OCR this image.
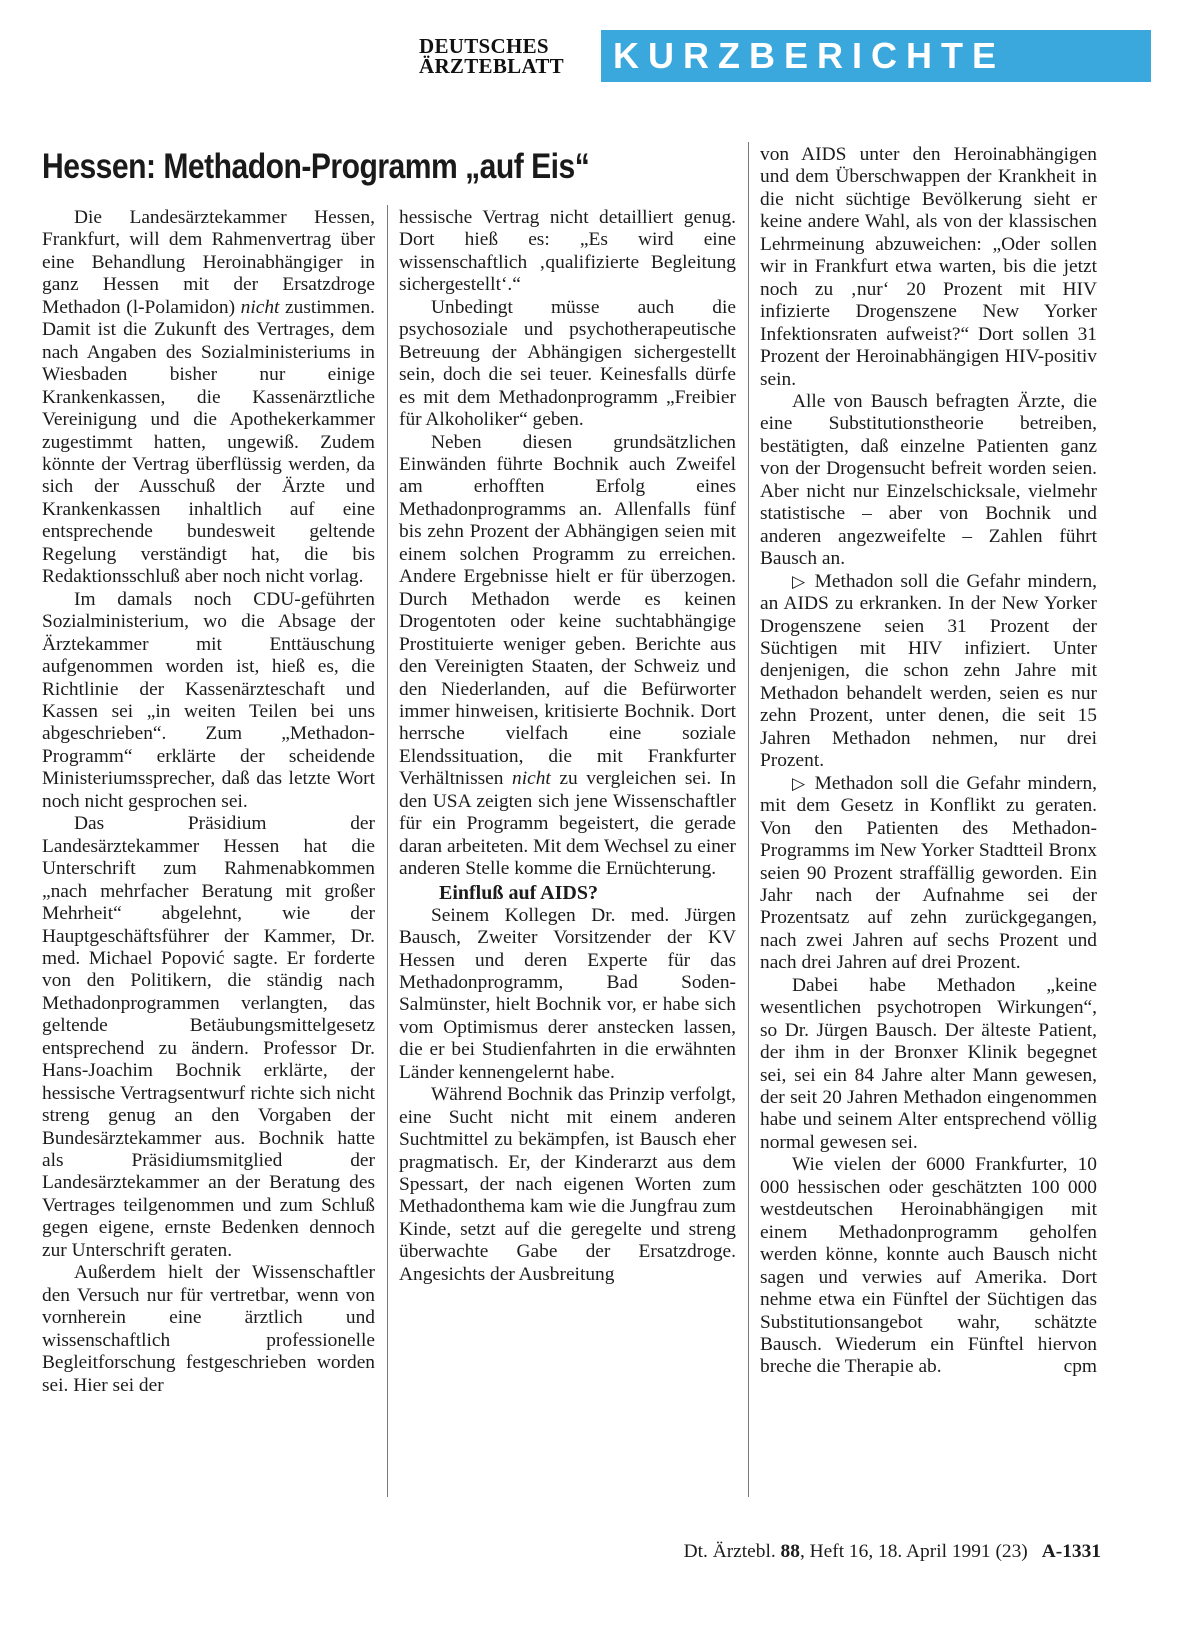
DEUTSCHES
ÄRZTEBLATT	KURZBERICHTE
Hessen: Methadon-Programm „auf Eis“

Die Landesärztekammer Hessen, Frankfurt, will dem Rahmenvertrag über eine Behandlung Heroinabhängiger in ganz Hessen mit der Ersatzdroge Methadon (l-Polamidon) nicht zustimmen. Damit ist die Zukunft des Vertrages, dem nach Angaben des Sozialministeriums in Wiesbaden bisher nur einige Krankenkassen, die Kassenärztliche Vereinigung und die Apothekerkammer zugestimmt hatten, ungewiß. Zudem könnte der Vertrag überflüssig werden, da sich der Ausschuß der Ärzte und Krankenkassen inhaltlich auf eine entsprechende bundesweit geltende Regelung verständigt hat, die bis Redaktionsschluß aber noch nicht vorlag.

Im damals noch CDU-geführten Sozialministerium, wo die Absage der Ärztekammer mit Enttäuschung aufgenommen worden ist, hieß es, die Richtlinie der Kassenärzteschaft und Kassen sei „in weiten Teilen bei uns abgeschrieben“. Zum „Methadon-Programm“ erklärte der scheidende Ministeriumssprecher, daß das letzte Wort noch nicht gesprochen sei.

Das Präsidium der Landesärztekammer Hessen hat die Unterschrift zum Rahmenabkommen „nach mehrfacher Beratung mit großer Mehrheit“ abgelehnt, wie der Hauptgeschäftsführer der Kammer, Dr. med. Michael Popović sagte. Er forderte von den Politikern, die ständig nach Methadonprogrammen verlangten, das geltende Betäubungsmittelgesetz entsprechend zu ändern. Professor Dr. Hans-Joachim Bochnik erklärte, der hessische Vertragsentwurf richte sich nicht streng genug an den Vorgaben der Bundesärztekammer aus. Bochnik hatte als Präsidiumsmitglied der Landesärztekammer an der Beratung des Vertrages teilgenommen und zum Schluß gegen eigene, ernste Bedenken dennoch zur Unterschrift geraten.

Außerdem hielt der Wissenschaftler den Versuch nur für vertretbar, wenn von vornherein eine ärztlich und wissenschaftlich professionelle Begleitforschung festgeschrieben worden sei. Hier sei der

hessische Vertrag nicht detailliert genug. Dort hieß es: „Es wird eine wissenschaftlich ‚qualifizierte Begleitung sichergestellt‘.“

Unbedingt müsse auch die psychosoziale und psychotherapeutische Betreuung der Abhängigen sichergestellt sein, doch die sei teuer. Keinesfalls dürfe es mit dem Methadonprogramm „Freibier für Alkoholiker“ geben.

Neben diesen grundsätzlichen Einwänden führte Bochnik auch Zweifel am erhofften Erfolg eines Methadonprogramms an. Allenfalls fünf bis zehn Prozent der Abhängigen seien mit einem solchen Programm zu erreichen. Andere Ergebnisse hielt er für überzogen. Durch Methadon werde es keinen Drogentoten oder keine suchtabhängige Prostituierte weniger geben. Berichte aus den Vereinigten Staaten, der Schweiz und den Niederlanden, auf die Befürworter immer hinweisen, kritisierte Bochnik. Dort herrsche vielfach eine soziale Elendssituation, die mit Frankfurter Verhältnissen nicht zu vergleichen sei. In den USA zeigten sich jene Wissenschaftler für ein Programm begeistert, die gerade daran arbeiteten. Mit dem Wechsel zu einer anderen Stelle komme die Ernüchterung.

Einfluß auf AIDS?

Seinem Kollegen Dr. med. Jürgen Bausch, Zweiter Vorsitzender der KV Hessen und deren Experte für das Methadonprogramm, Bad Soden-Salmünster, hielt Bochnik vor, er habe sich vom Optimismus derer anstecken lassen, die er bei Studienfahrten in die erwähnten Länder kennengelernt habe.

Während Bochnik das Prinzip verfolgt, eine Sucht nicht mit einem anderen Suchtmittel zu bekämpfen, ist Bausch eher pragmatisch. Er, der Kinderarzt aus dem Spessart, der nach eigenen Worten zum Methadonthema kam wie die Jungfrau zum Kinde, setzt auf die geregelte und streng überwachte Gabe der Ersatzdroge. Angesichts der Ausbreitung

von AIDS unter den Heroinabhängigen und dem Überschwappen der Krankheit in die nicht süchtige Bevölkerung sieht er keine andere Wahl, als von der klassischen Lehrmeinung abzuweichen: „Oder sollen wir in Frankfurt etwa warten, bis die jetzt noch zu ‚nur‘ 20 Prozent mit HIV infizierte Drogenszene New Yorker Infektionsraten aufweist?“ Dort sollen 31 Prozent der Heroinabhängigen HIV-positiv sein.

Alle von Bausch befragten Ärzte, die eine Substitutionstheorie betreiben, bestätigten, daß einzelne Patienten ganz von der Drogensucht befreit worden seien. Aber nicht nur Einzelschicksale, vielmehr statistische – aber von Bochnik und anderen angezweifelte – Zahlen führt Bausch an.

▷ Methadon soll die Gefahr mindern, an AIDS zu erkranken. In der New Yorker Drogenszene seien 31 Prozent der Süchtigen mit HIV infiziert. Unter denjenigen, die schon zehn Jahre mit Methadon behandelt werden, seien es nur zehn Prozent, unter denen, die seit 15 Jahren Methadon nehmen, nur drei Prozent.

▷ Methadon soll die Gefahr mindern, mit dem Gesetz in Konflikt zu geraten. Von den Patienten des Methadon-Programms im New Yorker Stadtteil Bronx seien 90 Prozent straffällig geworden. Ein Jahr nach der Aufnahme sei der Prozentsatz auf zehn zurückgegangen, nach zwei Jahren auf sechs Prozent und nach drei Jahren auf drei Prozent.

Dabei habe Methadon „keine wesentlichen psychotropen Wirkungen“, so Dr. Jürgen Bausch. Der älteste Patient, der ihm in der Bronxer Klinik begegnet sei, sei ein 84 Jahre alter Mann gewesen, der seit 20 Jahren Methadon eingenommen habe und seinem Alter entsprechend völlig normal gewesen sei.

Wie vielen der 6000 Frankfurter, 10 000 hessischen oder geschätzten 100 000 westdeutschen Heroinabhängigen mit einem Methadonprogramm geholfen werden könne, konnte auch Bausch nicht sagen und verwies auf Amerika. Dort nehme etwa ein Fünftel der Süchtigen das Substitutionsangebot wahr, schätzte Bausch. Wiederum ein Fünftel hiervon breche die Therapie ab.	cpm

Dt. Ärztebl. 88, Heft 16, 18. April 1991 (23) A-1331
